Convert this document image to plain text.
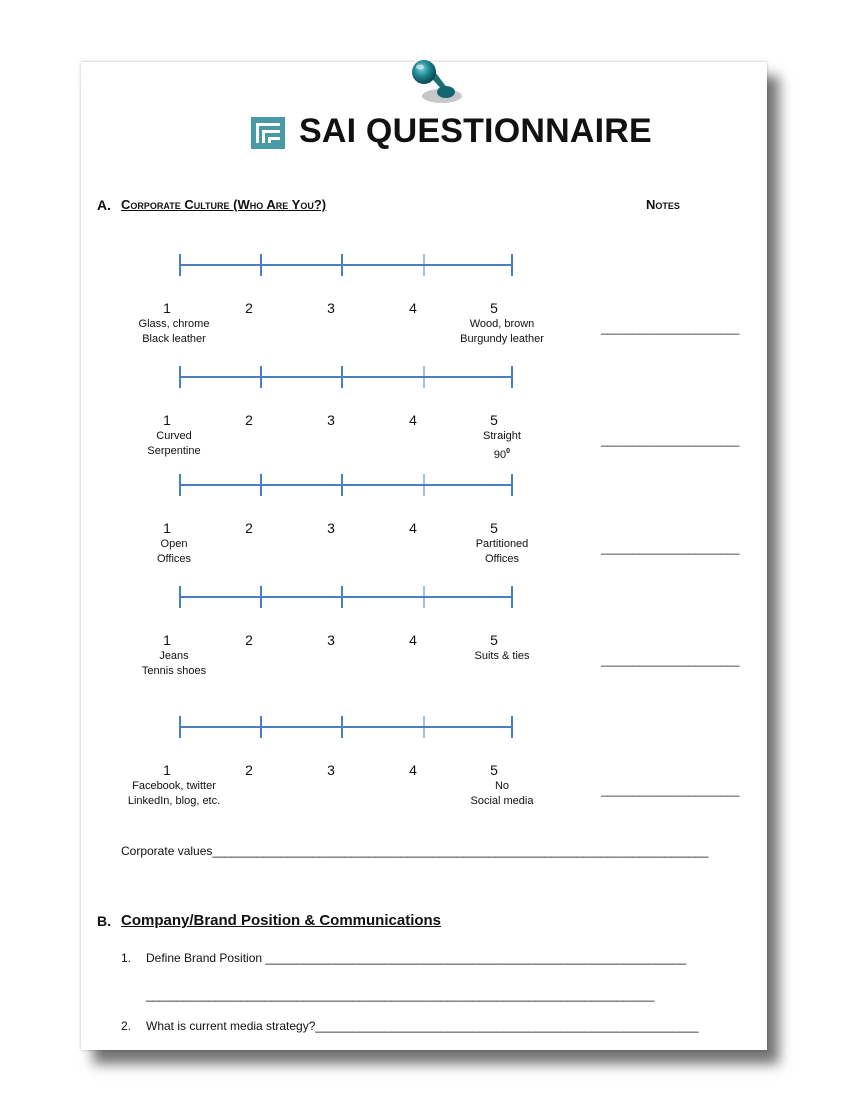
SAI QUESTIONNAIRE
A. Corporate Culture (Who Are You?)	Notes
1	2	3	4	5
Glass, chrome
Black leather
Wood, brown
Burgundy leather
______________________
1	2	3	4	5
Curved
Serpentine
Straight
$90^0$
______________________
1	2	3	4	5
Open
Offices
Partitioned
Offices
______________________
1	2	3	4	5
Jeans
Tennis shoes
Suits & ties	______________________
1	2	3	4	5
Facebook, twitter
LinkedIn, blog, etc.
No
Social media
______________________
Corporate values_______________________________________________________________________________
B. Company/Brand Position & Communications
1. Define Brand Position ___________________________________________________________________
_________________________________________________________________________________
2. What is current media strategy?_____________________________________________________________
